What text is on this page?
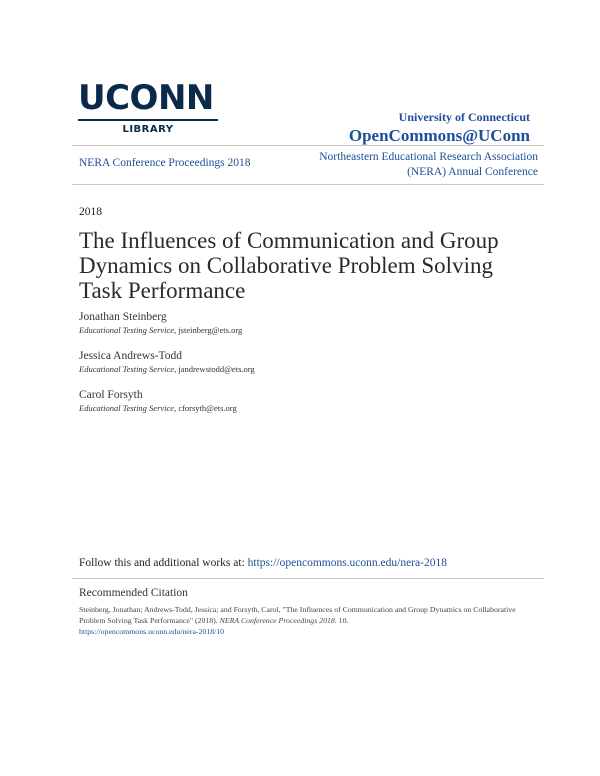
UCONN
LIBRARY
University of Connecticut
OpenCommons@UConn
NERA Conference Proceedings 2018	Northeastern Educational Research Association
(NERA) Annual Conference
2018
The Influences of Communication and Group Dynamics on Collaborative Problem Solving Task Performance
Jonathan Steinberg
Educational Testing Service, jsteinberg@ets.org
Jessica Andrews-Todd
Educational Testing Service, jandrewstodd@ets.org
Carol Forsyth
Educational Testing Service, cforsyth@ets.org
Follow this and additional works at: https://opencommons.uconn.edu/nera-2018
Recommended Citation
Steinberg, Jonathan; Andrews-Todd, Jessica; and Forsyth, Carol, "The Influences of Communication and Group Dynamics on Collaborative Problem Solving Task Performance" (2018). NERA Conference Proceedings 2018. 10.
https://opencommons.uconn.edu/nera-2018/10
